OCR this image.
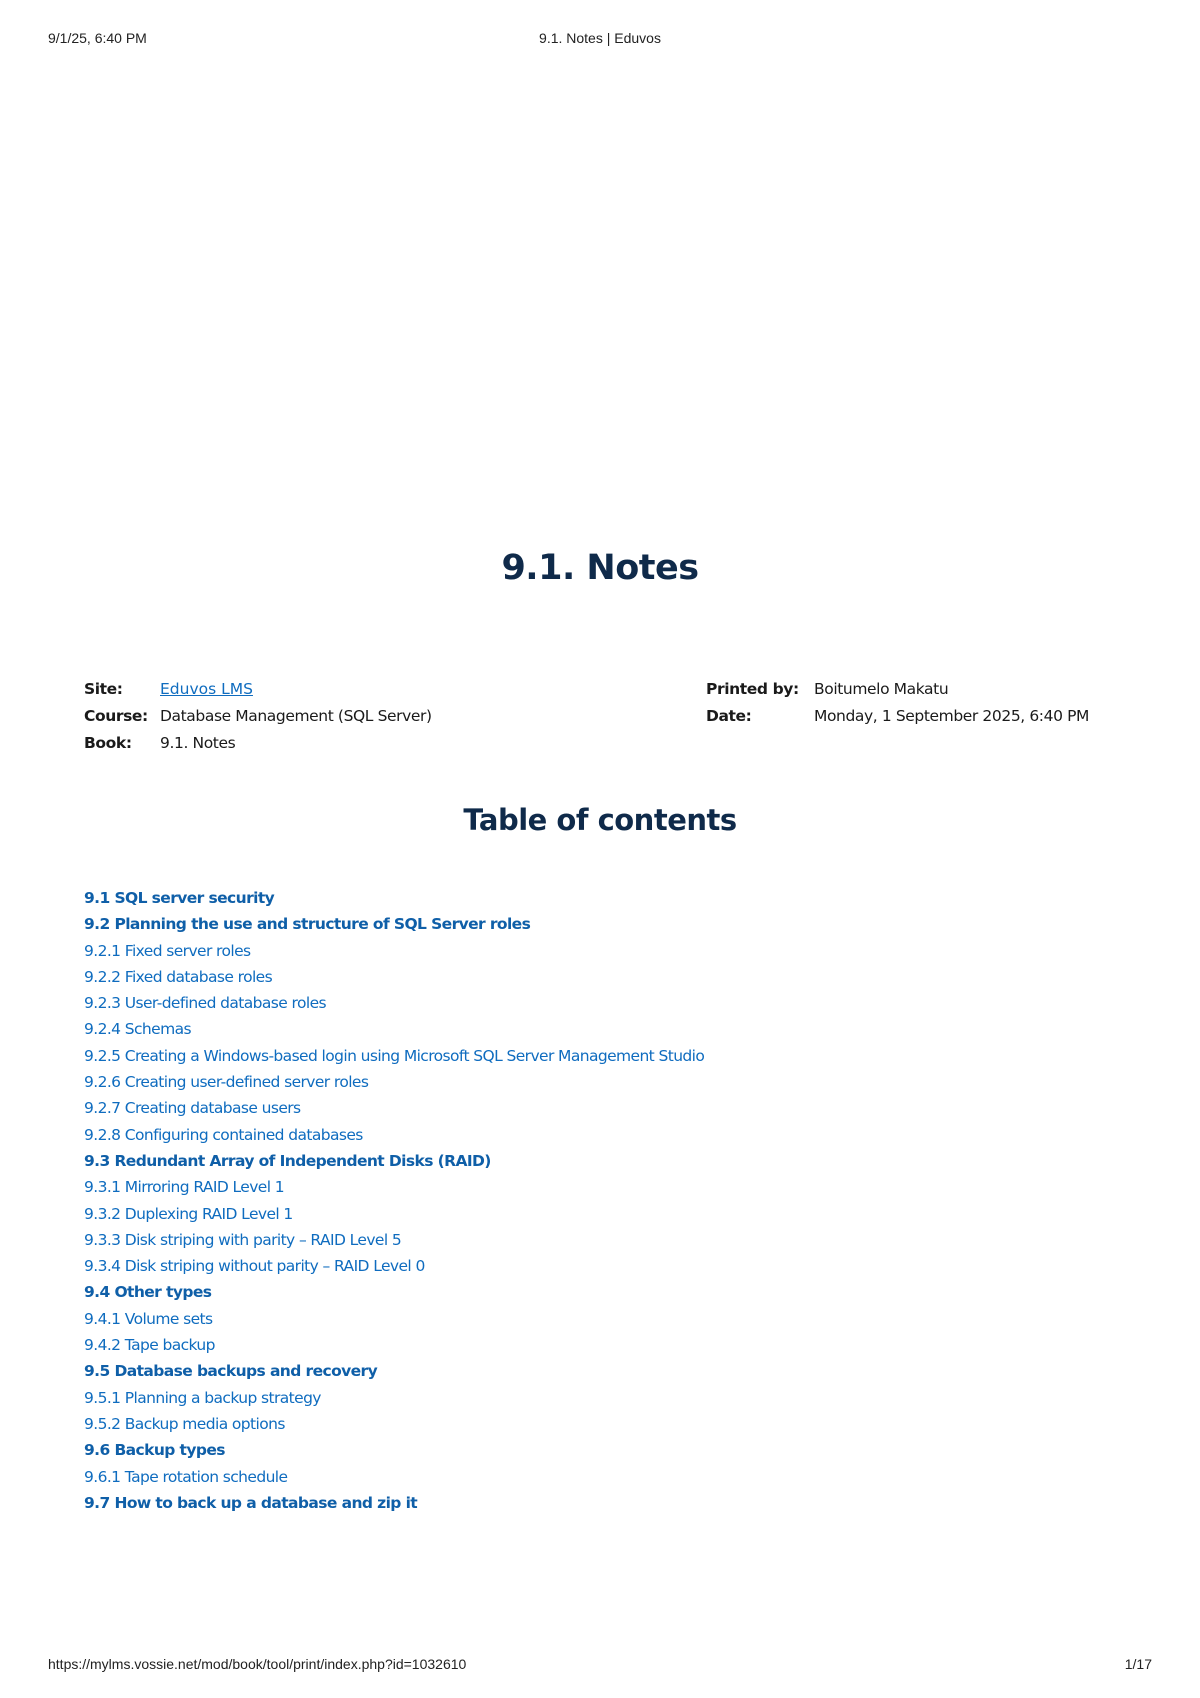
9/1/25, 6:40 PM	9.1. Notes | Eduvos
9.1. Notes
Site: Eduvos LMS
Course: Database Management (SQL Server)
Book: 9.1. Notes
Printed by: Boitumelo Makatu
Date:	Monday, 1 September 2025, 6:40 PM
Table of contents
9.1 SQL server security
9.2 Planning the use and structure of SQL Server roles
9.2.1 Fixed server roles
9.2.2 Fixed database roles
9.2.3 User-defined database roles
9.2.4 Schemas
9.2.5 Creating a Windows-based login using Microsoft SQL Server Management Studio
9.2.6 Creating user-defined server roles
9.2.7 Creating database users
9.2.8 Configuring contained databases
9.3 Redundant Array of Independent Disks (RAID)
9.3.1 Mirroring RAID Level 1
9.3.2 Duplexing RAID Level 1
9.3.3 Disk striping with parity – RAID Level 5
9.3.4 Disk striping without parity – RAID Level 0
9.4 Other types
9.4.1 Volume sets
9.4.2 Tape backup
9.5 Database backups and recovery
9.5.1 Planning a backup strategy
9.5.2 Backup media options
9.6 Backup types
9.6.1 Tape rotation schedule
9.7 How to back up a database and zip it
https://mylms.vossie.net/mod/book/tool/print/index.php?id=1032610	1/17
